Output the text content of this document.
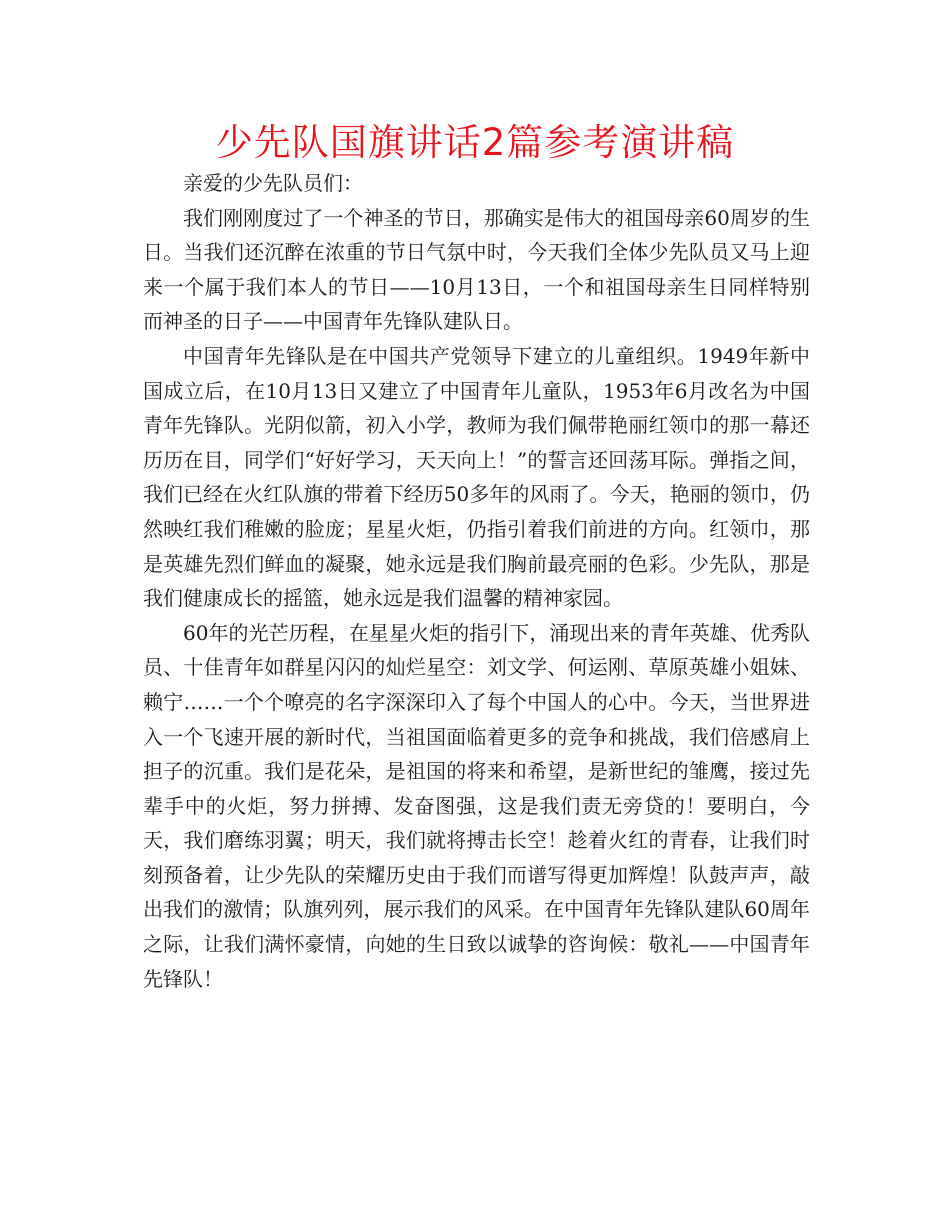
少先队国旗讲话2篇参考演讲稿

亲爱的少先队员们：

我们刚刚度过了一个神圣的节日，那确实是伟大的祖国母亲60周岁的生日。当我们还沉醉在浓重的节日气氛中时，今天我们全体少先队员又马上迎来一个属于我们本人的节日——10月13日，一个和祖国母亲生日同样特别而神圣的日子——中国青年先锋队建队日。

中国青年先锋队是在中国共产党领导下建立的儿童组织。1949年新中国成立后，在10月13日又建立了中国青年儿童队，1953年6月改名为中国青年先锋队。光阴似箭，初入小学，教师为我们佩带艳丽红领巾的那一幕还历历在目，同学们“好好学习，天天向上！”的誓言还回荡耳际。弹指之间，我们已经在火红队旗的带着下经历50多年的风雨了。今天，艳丽的领巾，仍然映红我们稚嫩的脸庞；星星火炬，仍指引着我们前进的方向。红领巾，那是英雄先烈们鲜血的凝聚，她永远是我们胸前最亮丽的色彩。少先队，那是我们健康成长的摇篮，她永远是我们温馨的精神家园。

60年的光芒历程，在星星火炬的指引下，涌现出来的青年英雄、优秀队员、十佳青年如群星闪闪的灿烂星空：刘文学、何运刚、草原英雄小姐妹、赖宁……一个个嘹亮的名字深深印入了每个中国人的心中。今天，当世界进入一个飞速开展的新时代，当祖国面临着更多的竞争和挑战，我们倍感肩上担子的沉重。我们是花朵，是祖国的将来和希望，是新世纪的雏鹰，接过先辈手中的火炬，努力拼搏、发奋图强，这是我们责无旁贷的！要明白，今天，我们磨练羽翼；明天，我们就将搏击长空！趁着火红的青春，让我们时刻预备着，让少先队的荣耀历史由于我们而谱写得更加辉煌！队鼓声声，敲出我们的激情；队旗列列，展示我们的风采。在中国青年先锋队建队60周年之际，让我们满怀豪情，向她的生日致以诚挚的咨询候：敬礼——中国青年先锋队！
